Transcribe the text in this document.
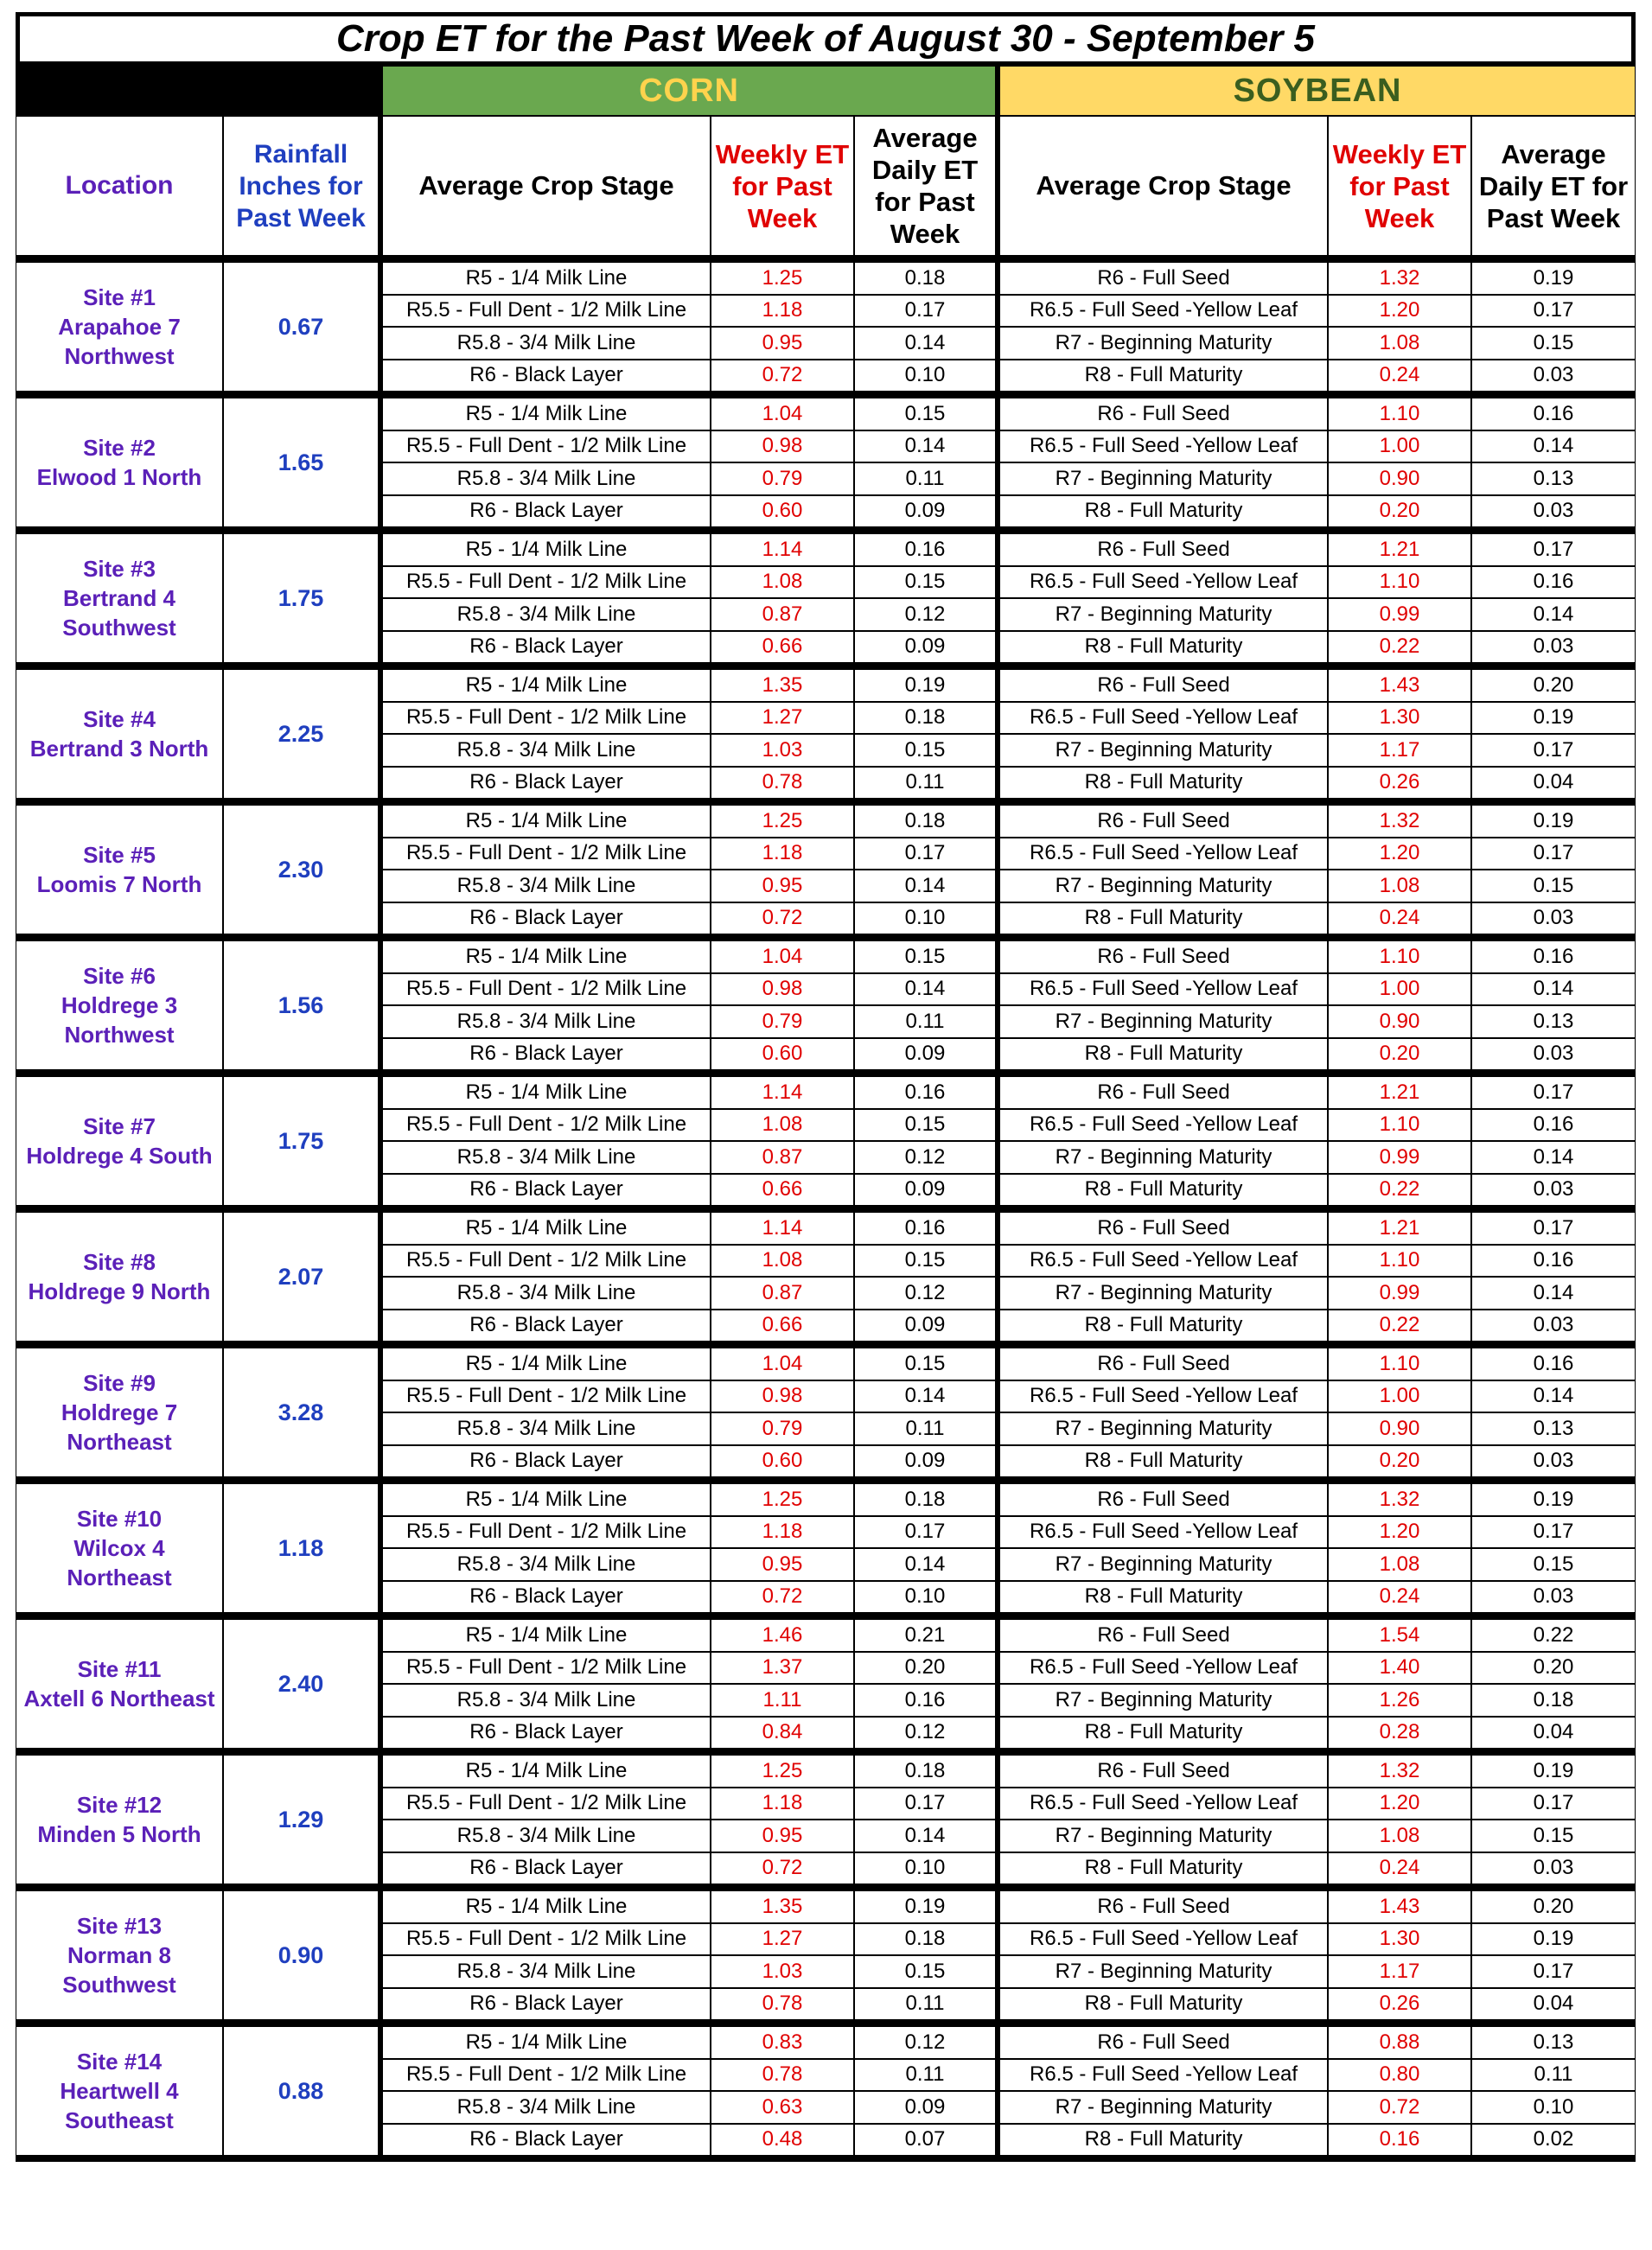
Crop ET for the Past Week of August 30 - September 5
		CORN			SOYBEAN		
Location	Rainfall Inches for Past Week	Average Crop Stage	Weekly ET for Past Week	Average Daily ET for Past Week	Average Crop Stage	Weekly ET for Past Week	Average Daily ET for Past Week

Site #1
Arapahoe 7
Northwest	0.67	R5 - 1/4 Milk Line	1.25	0.18	R6 - Full Seed	1.32	0.19
		R5.5 - Full Dent - 1/2 Milk Line	1.18	0.17	R6.5 - Full Seed -Yellow Leaf	1.20	0.17
		R5.8 - 3/4 Milk Line	0.95	0.14	R7 - Beginning Maturity	1.08	0.15
		R6 - Black Layer	0.72	0.10	R8 - Full Maturity	0.24	0.03

Site #2
Elwood 1 North	1.65	R5 - 1/4 Milk Line	1.04	0.15	R6 - Full Seed	1.10	0.16
		R5.5 - Full Dent - 1/2 Milk Line	0.98	0.14	R6.5 - Full Seed -Yellow Leaf	1.00	0.14
		R5.8 - 3/4 Milk Line	0.79	0.11	R7 - Beginning Maturity	0.90	0.13
		R6 - Black Layer	0.60	0.09	R8 - Full Maturity	0.20	0.03

Site #3
Bertrand 4
Southwest	1.75	R5 - 1/4 Milk Line	1.14	0.16	R6 - Full Seed	1.21	0.17
		R5.5 - Full Dent - 1/2 Milk Line	1.08	0.15	R6.5 - Full Seed -Yellow Leaf	1.10	0.16
		R5.8 - 3/4 Milk Line	0.87	0.12	R7 - Beginning Maturity	0.99	0.14
		R6 - Black Layer	0.66	0.09	R8 - Full Maturity	0.22	0.03

Site #4
Bertrand 3 North	2.25	R5 - 1/4 Milk Line	1.35	0.19	R6 - Full Seed	1.43	0.20
		R5.5 - Full Dent - 1/2 Milk Line	1.27	0.18	R6.5 - Full Seed -Yellow Leaf	1.30	0.19
		R5.8 - 3/4 Milk Line	1.03	0.15	R7 - Beginning Maturity	1.17	0.17
		R6 - Black Layer	0.78	0.11	R8 - Full Maturity	0.26	0.04

Site #5
Loomis 7 North	2.30	R5 - 1/4 Milk Line	1.25	0.18	R6 - Full Seed	1.32	0.19
		R5.5 - Full Dent - 1/2 Milk Line	1.18	0.17	R6.5 - Full Seed -Yellow Leaf	1.20	0.17
		R5.8 - 3/4 Milk Line	0.95	0.14	R7 - Beginning Maturity	1.08	0.15
		R6 - Black Layer	0.72	0.10	R8 - Full Maturity	0.24	0.03

Site #6
Holdrege 3
Northwest	1.56	R5 - 1/4 Milk Line	1.04	0.15	R6 - Full Seed	1.10	0.16
		R5.5 - Full Dent - 1/2 Milk Line	0.98	0.14	R6.5 - Full Seed -Yellow Leaf	1.00	0.14
		R5.8 - 3/4 Milk Line	0.79	0.11	R7 - Beginning Maturity	0.90	0.13
		R6 - Black Layer	0.60	0.09	R8 - Full Maturity	0.20	0.03

Site #7
Holdrege 4 South	1.75	R5 - 1/4 Milk Line	1.14	0.16	R6 - Full Seed	1.21	0.17
		R5.5 - Full Dent - 1/2 Milk Line	1.08	0.15	R6.5 - Full Seed -Yellow Leaf	1.10	0.16
		R5.8 - 3/4 Milk Line	0.87	0.12	R7 - Beginning Maturity	0.99	0.14
		R6 - Black Layer	0.66	0.09	R8 - Full Maturity	0.22	0.03

Site #8
Holdrege 9 North	2.07	R5 - 1/4 Milk Line	1.14	0.16	R6 - Full Seed	1.21	0.17
		R5.5 - Full Dent - 1/2 Milk Line	1.08	0.15	R6.5 - Full Seed -Yellow Leaf	1.10	0.16
		R5.8 - 3/4 Milk Line	0.87	0.12	R7 - Beginning Maturity	0.99	0.14
		R6 - Black Layer	0.66	0.09	R8 - Full Maturity	0.22	0.03

Site #9
Holdrege 7
Northeast	3.28	R5 - 1/4 Milk Line	1.04	0.15	R6 - Full Seed	1.10	0.16
		R5.5 - Full Dent - 1/2 Milk Line	0.98	0.14	R6.5 - Full Seed -Yellow Leaf	1.00	0.14
		R5.8 - 3/4 Milk Line	0.79	0.11	R7 - Beginning Maturity	0.90	0.13
		R6 - Black Layer	0.60	0.09	R8 - Full Maturity	0.20	0.03

Site #10
Wilcox 4
Northeast	1.18	R5 - 1/4 Milk Line	1.25	0.18	R6 - Full Seed	1.32	0.19
		R5.5 - Full Dent - 1/2 Milk Line	1.18	0.17	R6.5 - Full Seed -Yellow Leaf	1.20	0.17
		R5.8 - 3/4 Milk Line	0.95	0.14	R7 - Beginning Maturity	1.08	0.15
		R6 - Black Layer	0.72	0.10	R8 - Full Maturity	0.24	0.03

Site #11
Axtell 6 Northeast	2.40	R5 - 1/4 Milk Line	1.46	0.21	R6 - Full Seed	1.54	0.22
		R5.5 - Full Dent - 1/2 Milk Line	1.37	0.20	R6.5 - Full Seed -Yellow Leaf	1.40	0.20
		R5.8 - 3/4 Milk Line	1.11	0.16	R7 - Beginning Maturity	1.26	0.18
		R6 - Black Layer	0.84	0.12	R8 - Full Maturity	0.28	0.04

Site #12
Minden 5 North	1.29	R5 - 1/4 Milk Line	1.25	0.18	R6 - Full Seed	1.32	0.19
		R5.5 - Full Dent - 1/2 Milk Line	1.18	0.17	R6.5 - Full Seed -Yellow Leaf	1.20	0.17
		R5.8 - 3/4 Milk Line	0.95	0.14	R7 - Beginning Maturity	1.08	0.15
		R6 - Black Layer	0.72	0.10	R8 - Full Maturity	0.24	0.03

Site #13
Norman 8
Southwest	0.90	R5 - 1/4 Milk Line	1.35	0.19	R6 - Full Seed	1.43	0.20
		R5.5 - Full Dent - 1/2 Milk Line	1.27	0.18	R6.5 - Full Seed -Yellow Leaf	1.30	0.19
		R5.8 - 3/4 Milk Line	1.03	0.15	R7 - Beginning Maturity	1.17	0.17
		R6 - Black Layer	0.78	0.11	R8 - Full Maturity	0.26	0.04

Site #14
Heartwell 4
Southeast	0.88	R5 - 1/4 Milk Line	0.83	0.12	R6 - Full Seed	0.88	0.13
		R5.5 - Full Dent - 1/2 Milk Line	0.78	0.11	R6.5 - Full Seed -Yellow Leaf	0.80	0.11
		R5.8 - 3/4 Milk Line	0.63	0.09	R7 - Beginning Maturity	0.72	0.10
		R6 - Black Layer	0.48	0.07	R8 - Full Maturity	0.16	0.02
